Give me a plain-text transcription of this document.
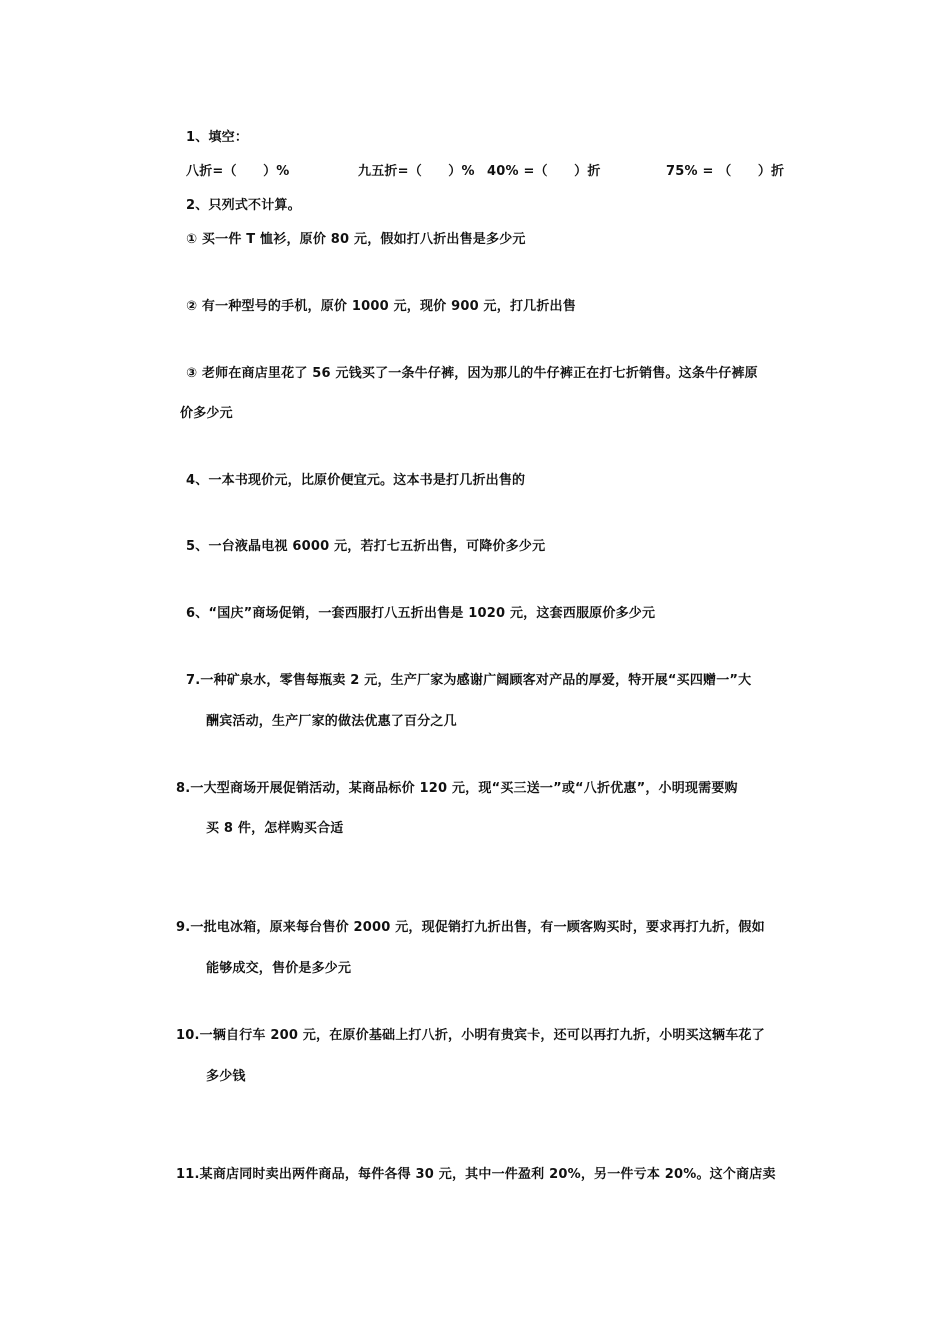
1、填空：
八折=（　　）%	九五折=（　　）% 40% =（　　）折	75% = （　　）折
2、只列式不计算。
① 买一件 T 恤衫，原价 80 元，假如打八折出售是多少元
② 有一种型号的手机，原价 1000 元，现价 900 元，打几折出售
③ 老师在商店里花了 56 元钱买了一条牛仔裤，因为那儿的牛仔裤正在打七折销售。这条牛仔裤原
价多少元
4、一本书现价元，比原价便宜元。这本书是打几折出售的
5、一台液晶电视 6000 元，若打七五折出售，可降价多少元
6、“国庆”商场促销，一套西服打八五折出售是 1020 元，这套西服原价多少元
7.一种矿泉水，零售每瓶卖 2 元，生产厂家为感谢广阔顾客对产品的厚爱，特开展“买四赠一”大
酬宾活动，生产厂家的做法优惠了百分之几
8.一大型商场开展促销活动，某商品标价 120 元，现“买三送一”或“八折优惠”，小明现需要购
买 8 件，怎样购买合适
9.一批电冰箱，原来每台售价 2000 元，现促销打九折出售，有一顾客购买时，要求再打九折，假如
能够成交，售价是多少元
10.一辆自行车 200 元，在原价基础上打八折，小明有贵宾卡，还可以再打九折，小明买这辆车花了
多少钱
11.某商店同时卖出两件商品，每件各得 30 元，其中一件盈利 20%，另一件亏本 20%。这个商店卖
